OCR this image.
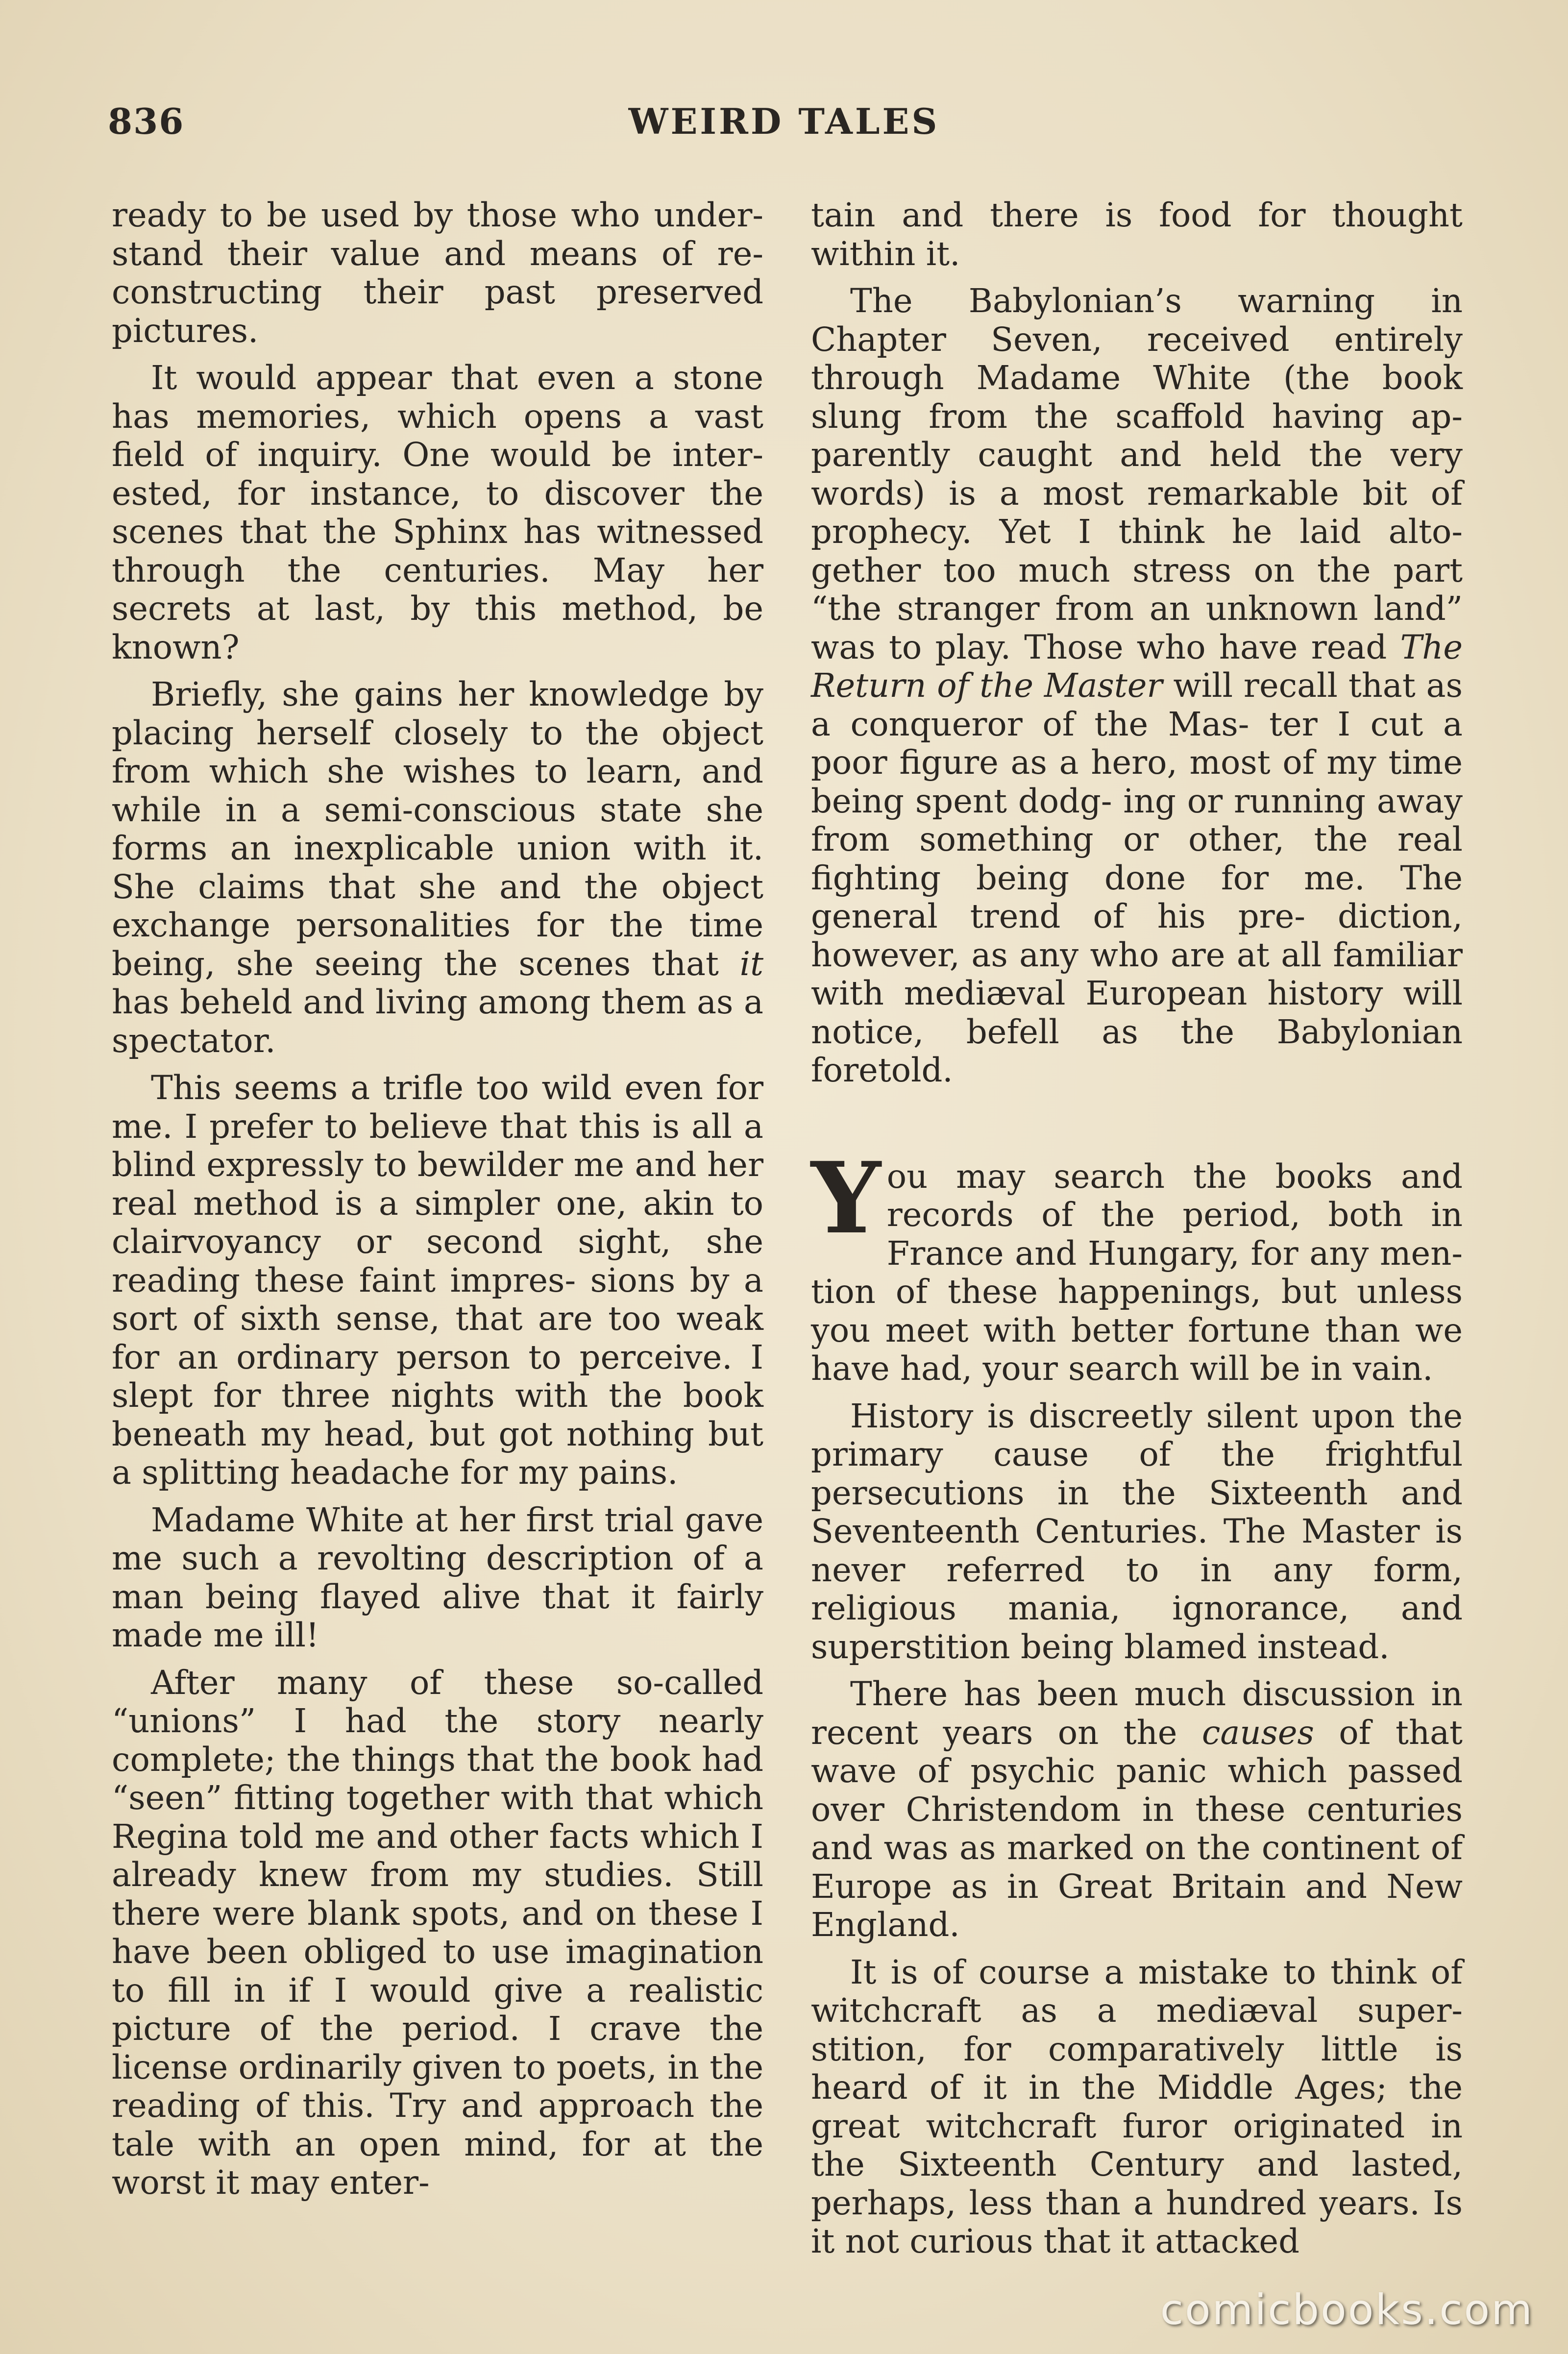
836	WEIRD TALES

ready to be used by those who under- stand their value and means of re- constructing their past preserved pictures.

It would appear that even a stone has memories, which opens a vast field of inquiry. One would be inter- ested, for instance, to discover the scenes that the Sphinx has witnessed through the centuries. May her secrets at last, by this method, be known?

Briefly, she gains her knowledge by placing herself closely to the object from which she wishes to learn, and while in a semi-conscious state she forms an inexplicable union with it. She claims that she and the object exchange personalities for the time being, she seeing the scenes that it has beheld and living among them as a spectator.

This seems a trifle too wild even for me. I prefer to believe that this is all a blind expressly to bewilder me and her real method is a simpler one, akin to clairvoyancy or second sight, she reading these faint impres- sions by a sort of sixth sense, that are too weak for an ordinary person to perceive. I slept for three nights with the book beneath my head, but got nothing but a splitting headache for my pains.

Madame White at her first trial gave me such a revolting description of a man being flayed alive that it fairly made me ill!

After many of these so-called “unions” I had the story nearly complete; the things that the book had “seen” fitting together with that which Regina told me and other facts which I already knew from my studies. Still there were blank spots, and on these I have been obliged to use imagination to fill in if I would give a realistic picture of the period. I crave the license ordinarily given to poets, in the reading of this. Try and approach the tale with an open mind, for at the worst it may enter-

tain and there is food for thought within it.

The Babylonian’s warning in Chapter Seven, received entirely through Madame White (the book slung from the scaffold having ap- parently caught and held the very words) is a most remarkable bit of prophecy. Yet I think he laid alto- gether too much stress on the part “the stranger from an unknown land” was to play. Those who have read The Return of the Master will recall that as a conqueror of the Mas- ter I cut a poor figure as a hero, most of my time being spent dodg- ing or running away from something or other, the real fighting being done for me. The general trend of his pre- diction, however, as any who are at all familiar with mediæval European history will notice, befell as the Babylonian foretold.

You may search the books and records of the period, both in France and Hungary, for any men- tion of these happenings, but unless you meet with better fortune than we have had, your search will be in vain.

History is discreetly silent upon the primary cause of the frightful persecutions in the Sixteenth and Seventeenth Centuries. The Master is never referred to in any form, religious mania, ignorance, and superstition being blamed instead.

There has been much discussion in recent years on the causes of that wave of psychic panic which passed over Christendom in these centuries and was as marked on the continent of Europe as in Great Britain and New England.

It is of course a mistake to think of witchcraft as a mediæval super- stition, for comparatively little is heard of it in the Middle Ages; the great witchcraft furor originated in the Sixteenth Century and lasted, perhaps, less than a hundred years. Is it not curious that it attacked

comicbooks.com
